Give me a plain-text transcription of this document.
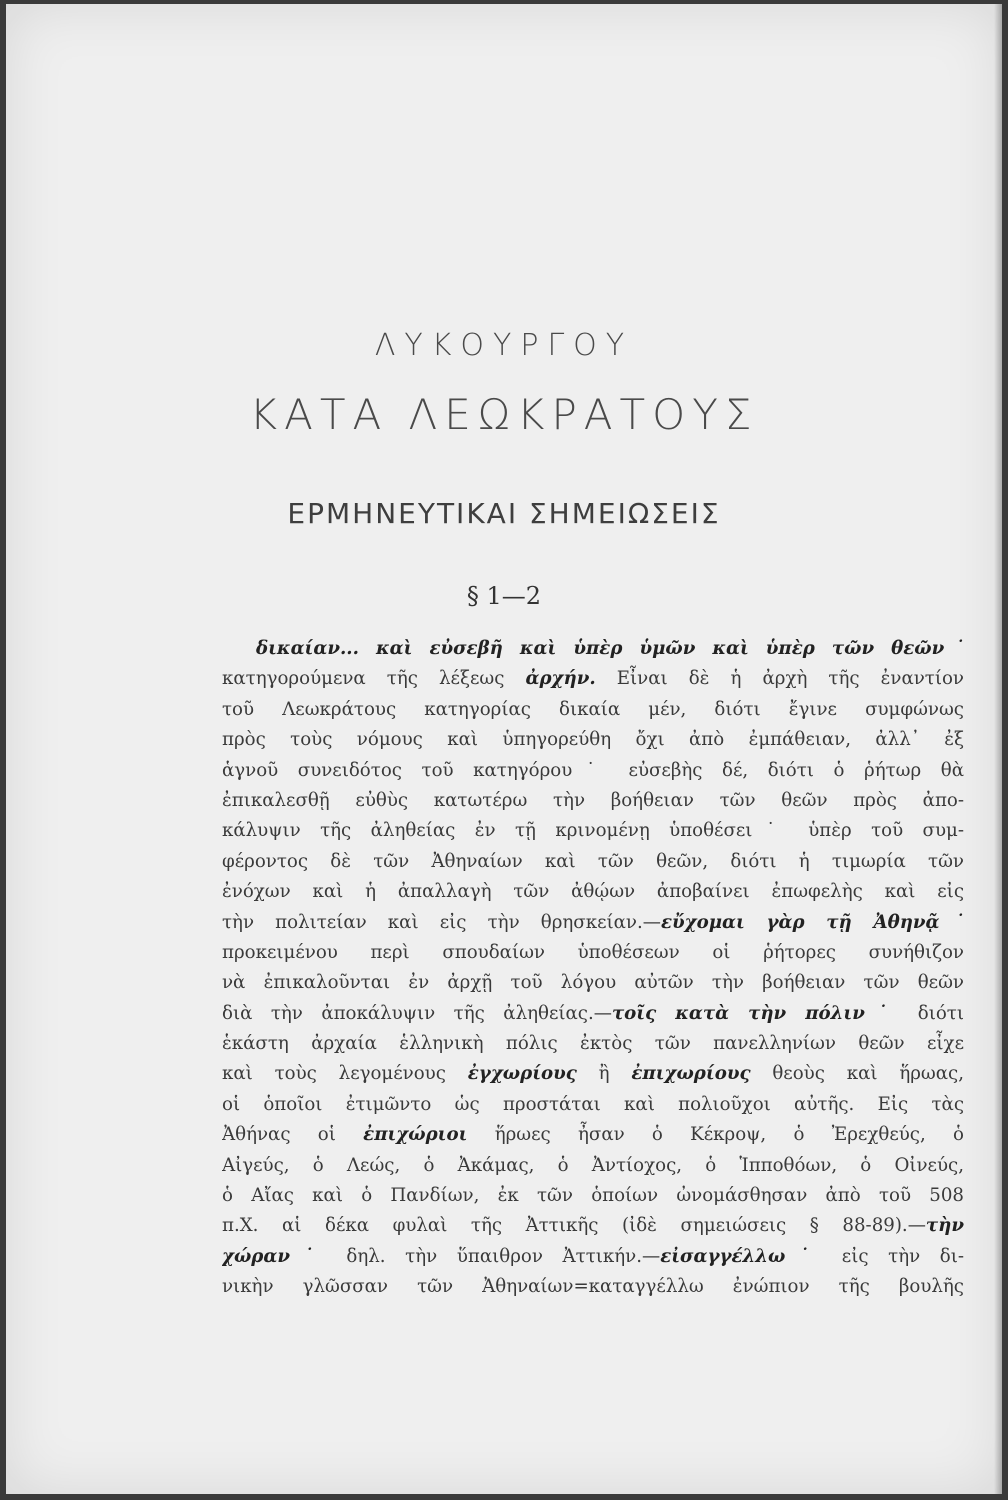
ΛΥΚΟΥΡΓΟΥ
ΚΑΤΑ ΛΕΩΚΡΑΤΟΥΣ
ΕΡΜΗΝΕΥΤΙΚΑΙ ΣΗΜΕΙΩΣΕΙΣ
§ 1—2
δικαίαν... καὶ εὐσεβῆ καὶ ὑπὲρ ὑμῶν καὶ ὑπὲρ τῶν θεῶν˙
κατηγορούμενα τῆς λέξεως ἀρχήν. Εἶναι δὲ ἡ ἀρχὴ τῆς ἐναντίον
τοῦ Λεωκράτους κατηγορίας δικαία μέν, διότι ἔγινε συμφώνως
πρὸς τοὺς νόμους καὶ ὑπηγορεύθη ὄχι ἀπὸ ἐμπάθειαν, ἀλλ᾽ ἐξ
ἁγνοῦ συνειδότος τοῦ κατηγόρου˙ εὐσεβὴς δέ, διότι ὁ ῥήτωρ θὰ
ἐπικαλεσθῇ εὐθὺς κατωτέρω τὴν βοήθειαν τῶν θεῶν πρὸς ἀπο-
κάλυψιν τῆς ἀληθείας ἐν τῇ κρινομένῃ ὑποθέσει˙ ὑπὲρ τοῦ συμ-
φέροντος δὲ τῶν Ἀθηναίων καὶ τῶν θεῶν, διότι ἡ τιμωρία τῶν
ἐνόχων καὶ ἡ ἀπαλλαγὴ τῶν ἀθῴων ἀποβαίνει ἐπωφελὴς καὶ εἰς
τὴν πολιτείαν καὶ εἰς τὴν θρησκείαν.—εὔχομαι γὰρ τῇ Ἀθηνᾷ˙
προκειμένου περὶ σπουδαίων ὑποθέσεων οἱ ῥήτορες συνήθιζον
νὰ ἐπικαλοῦνται ἐν ἀρχῇ τοῦ λόγου αὐτῶν τὴν βοήθειαν τῶν θεῶν
διὰ τὴν ἀποκάλυψιν τῆς ἀληθείας.—τοῖς κατὰ τὴν πόλιν˙ διότι
ἑκάστη ἀρχαία ἑλληνικὴ πόλις ἐκτὸς τῶν πανελληνίων θεῶν εἶχε
καὶ τοὺς λεγομένους ἐγχωρίους ἢ ἐπιχωρίους θεοὺς καὶ ἥρωας,
οἱ ὁποῖοι ἐτιμῶντο ὡς προστάται καὶ πολιοῦχοι αὐτῆς. Εἰς τὰς
Ἀθήνας οἱ ἐπιχώριοι ἥρωες ἦσαν ὁ Κέκροψ, ὁ Ἐρεχθεύς, ὁ
Αἰγεύς, ὁ Λεώς, ὁ Ἀκάμας, ὁ Ἀντίοχος, ὁ Ἱπποθόων, ὁ Οἰνεύς,
ὁ Αἴας καὶ ὁ Πανδίων, ἐκ τῶν ὁποίων ὠνομάσθησαν ἀπὸ τοῦ 508
π.Χ. αἱ δέκα φυλαὶ τῆς Ἀττικῆς (ἰδὲ σημειώσεις § 88-89).—τὴν
χώραν˙ δηλ. τὴν ὕπαιθρον Ἀττικήν.—εἰσαγγέλλω˙ εἰς τὴν δι-
νικὴν γλῶσσαν τῶν Ἀθηναίων=καταγγέλλω ἐνώπιον τῆς βουλῆς
